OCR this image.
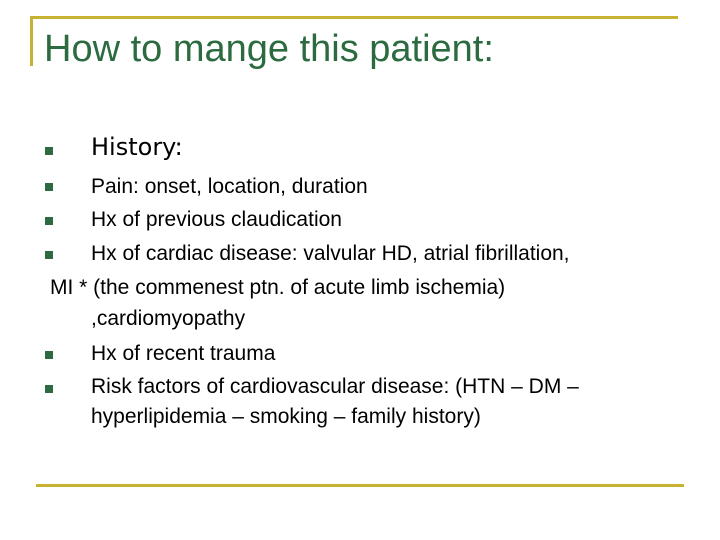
How to mange this patient:
History:
Pain: onset, location, duration
Hx of previous claudication
Hx of cardiac disease: valvular HD, atrial fibrillation,
MI * (the commenest ptn. of acute limb ischemia)
,cardiomyopathy
Hx of recent trauma
Risk factors of cardiovascular disease: (HTN – DM –
hyperlipidemia – smoking – family history)
